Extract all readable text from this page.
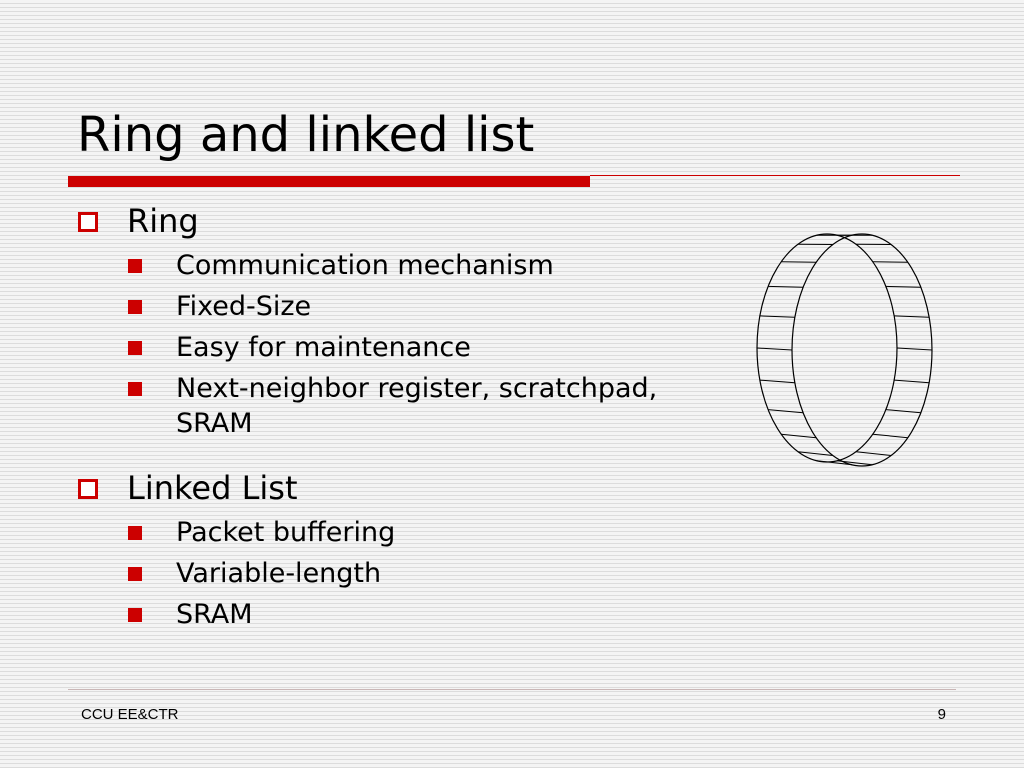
Ring and linked list
Ring
Communication mechanism
Fixed-Size
Easy for maintenance
Next-neighbor register, scratchpad, SRAM
Linked List
Packet buffering
Variable-length
SRAM
CCU EE&CTR	9
